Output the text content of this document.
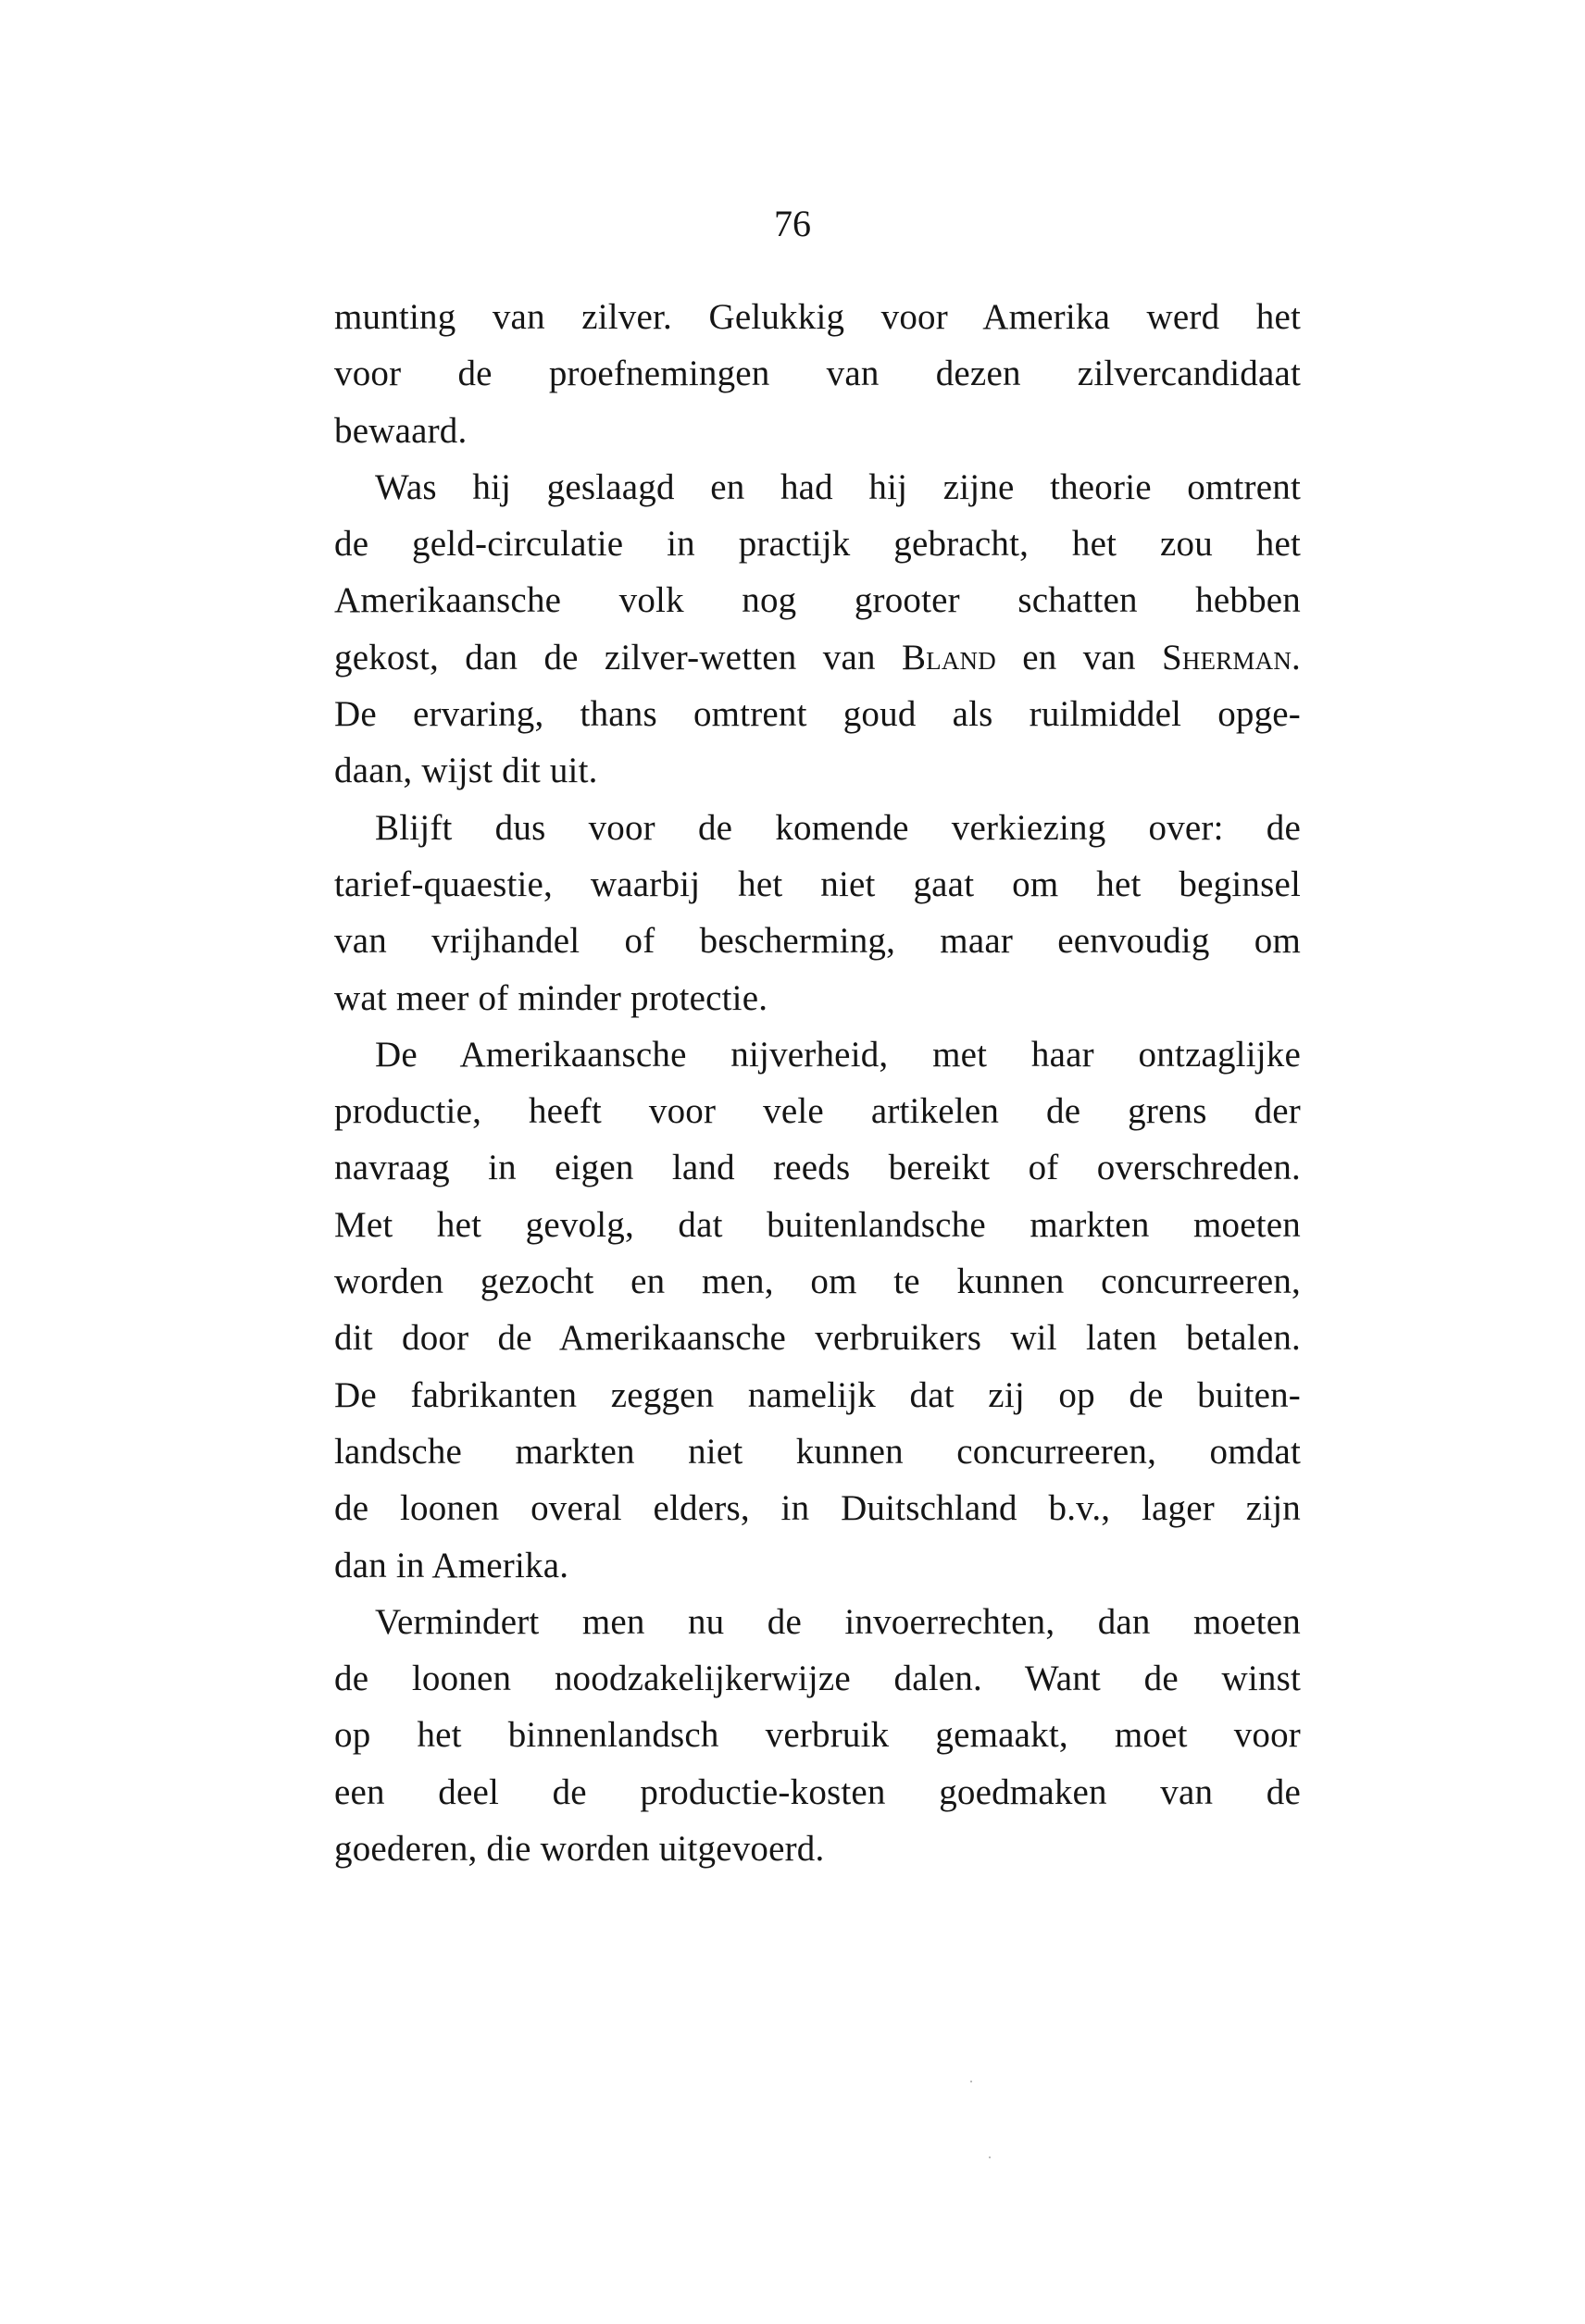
76
munting van zilver. Gelukkig voor Amerika werd het
voor de proefnemingen van dezen zilvercandidaat
bewaard.
Was hij geslaagd en had hij zijne theorie omtrent
de geld-circulatie in practijk gebracht, het zou het
Amerikaansche volk nog grooter schatten hebben
gekost, dan de zilver-wetten van Bland en van Sherman.
De ervaring, thans omtrent goud als ruilmiddel opge-
daan, wijst dit uit.
Blijft dus voor de komende verkiezing over: de
tarief-quaestie, waarbij het niet gaat om het beginsel
van vrijhandel of bescherming, maar eenvoudig om
wat meer of minder protectie.
De Amerikaansche nijverheid, met haar ontzaglijke
productie, heeft voor vele artikelen de grens der
navraag in eigen land reeds bereikt of overschreden.
Met het gevolg, dat buitenlandsche markten moeten
worden gezocht en men, om te kunnen concurreeren,
dit door de Amerikaansche verbruikers wil laten betalen.
De fabrikanten zeggen namelijk dat zij op de buiten-
landsche markten niet kunnen concurreeren, omdat
de loonen overal elders, in Duitschland b.v., lager zijn
dan in Amerika.
Vermindert men nu de invoerrechten, dan moeten
de loonen noodzakelijkerwijze dalen. Want de winst
op het binnenlandsch verbruik gemaakt, moet voor
een deel de productie-kosten goedmaken van de
goederen, die worden uitgevoerd.
